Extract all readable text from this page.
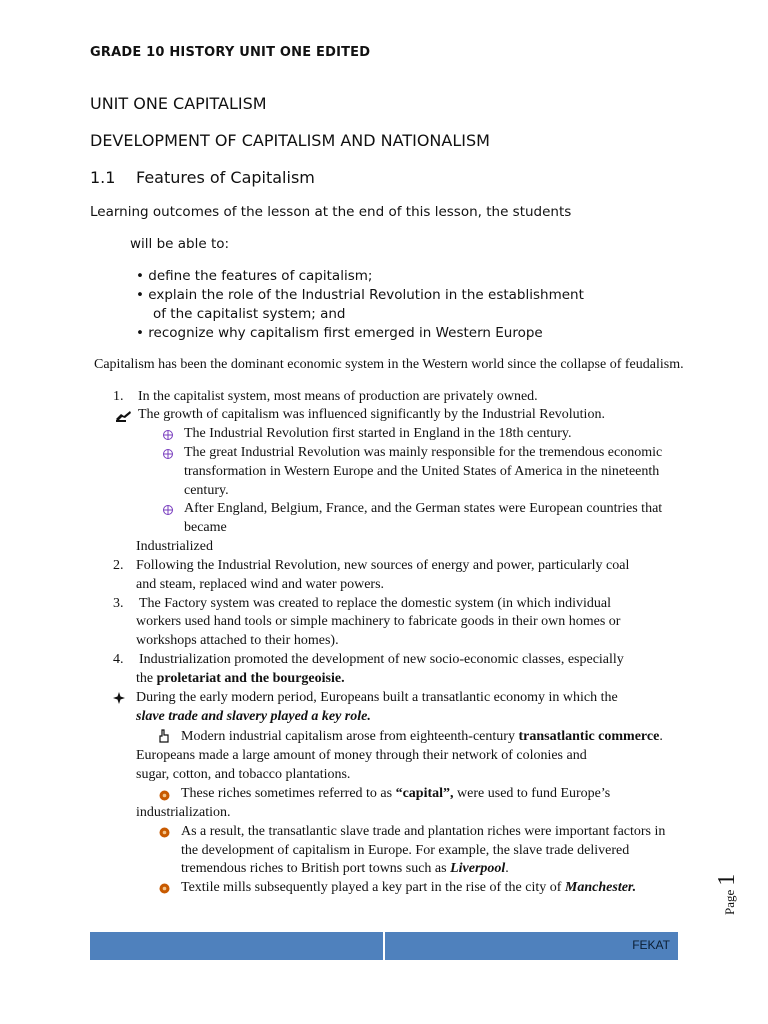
GRADE 10 HISTORY UNIT ONE EDITED
UNIT ONE CAPITALISM
DEVELOPMENT OF CAPITALISM AND NATIONALISM
1.1 Features of Capitalism
Learning outcomes of the lesson at the end of this lesson, the students
will be able to:
• define the features of capitalism;
• explain the role of the Industrial Revolution in the establishment
of the capitalist system; and
• recognize why capitalism first emerged in Western Europe
Capitalism has been the dominant economic system in the Western world since the collapse of feudalism.
1. In the capitalist system, most means of production are privately owned.
The growth of capitalism was influenced significantly by the Industrial Revolution.
The Industrial Revolution first started in England in the 18th century.
The great Industrial Revolution was mainly responsible for the tremendous economic
transformation in Western Europe and the United States of America in the nineteenth
century.
After England, Belgium, France, and the German states were European countries that
became
Industrialized
2. Following the Industrial Revolution, new sources of energy and power, particularly coal
and steam, replaced wind and water powers.
3. The Factory system was created to replace the domestic system (in which individual
workers used hand tools or simple machinery to fabricate goods in their own homes or
workshops attached to their homes).
4. Industrialization promoted the development of new socio-economic classes, especially
the proletariat and the bourgeoisie.
During the early modern period, Europeans built a transatlantic economy in which the
slave trade and slavery played a key role.
Modern industrial capitalism arose from eighteenth-century transatlantic commerce.
Europeans made a large amount of money through their network of colonies and
sugar, cotton, and tobacco plantations.
These riches sometimes referred to as “capital”, were used to fund Europe’s
industrialization.
As a result, the transatlantic slave trade and plantation riches were important factors in
the development of capitalism in Europe. For example, the slave trade delivered
tremendous riches to British port towns such as Liverpool.
Textile mills subsequently played a key part in the rise of the city of Manchester.
Page 1
FEKAT
